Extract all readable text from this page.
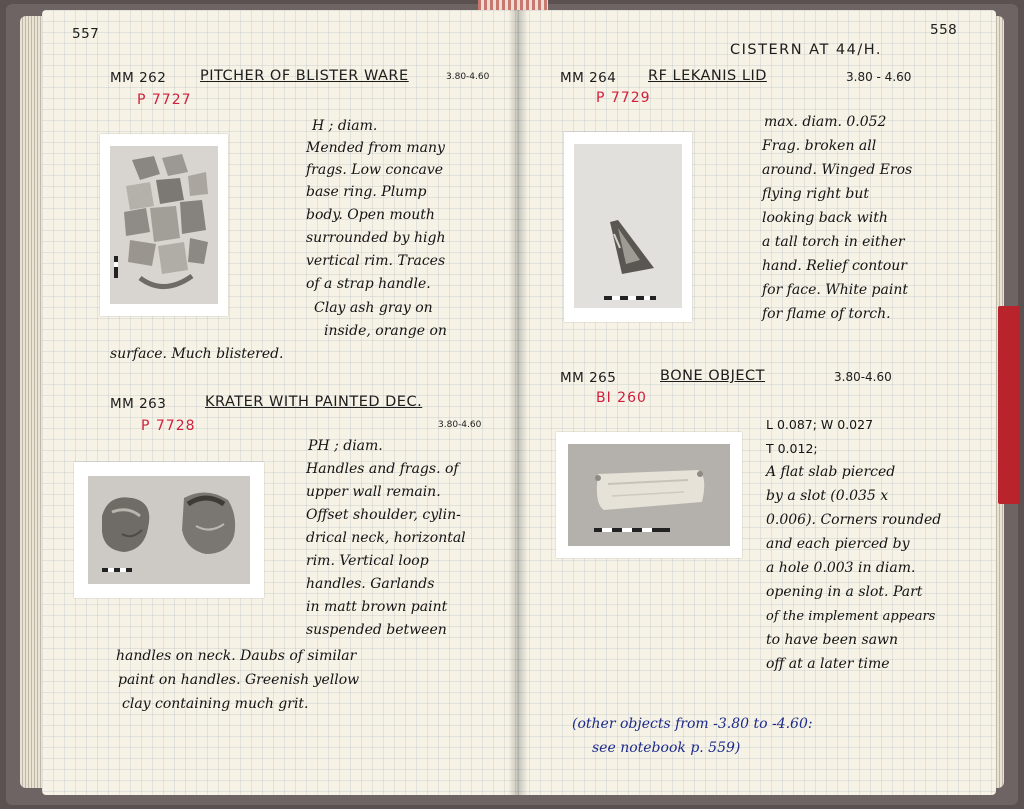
557	558
CISTERN AT 44/H.
MM 262 PITCHER OF BLISTER WARE	3.80-4.60
P 7727
MM 263	KRATER WITH PAINTED DEC.
3.80-4.60
P 7728
MM 264 RF LEKANIS LID	3.80 - 4.60
P 7729
MM 265	BONE OBJECT	3.80-4.60
BI 260
H ; diam.
Mended from many
frags. Low concave
base ring. Plump
body. Open mouth
surrounded by high
vertical rim. Traces
of a strap handle.
Clay ash gray on
inside, orange on
surface. Much blistered.
PH ; diam.
Handles and frags. of
upper wall remain.
Offset shoulder, cylin-
drical neck, horizontal
rim. Vertical loop
handles. Garlands
in matt brown paint
suspended between
handles on neck. Daubs of similar
paint on handles. Greenish yellow
clay containing much grit.
max. diam. 0.052
Frag. broken all
around. Winged Eros
flying right but
looking back with
a tall torch in either
hand. Relief contour
for face. White paint
for flame of torch.
L 0.087; W 0.027
T 0.012;
A flat slab pierced
by a slot (0.035 x
0.006). Corners rounded
and each pierced by
a hole 0.003 in diam.
opening in a slot. Part
of the implement appears
to have been sawn
off at a later time
(other objects from -3.80 to -4.60:
see notebook p. 559)
